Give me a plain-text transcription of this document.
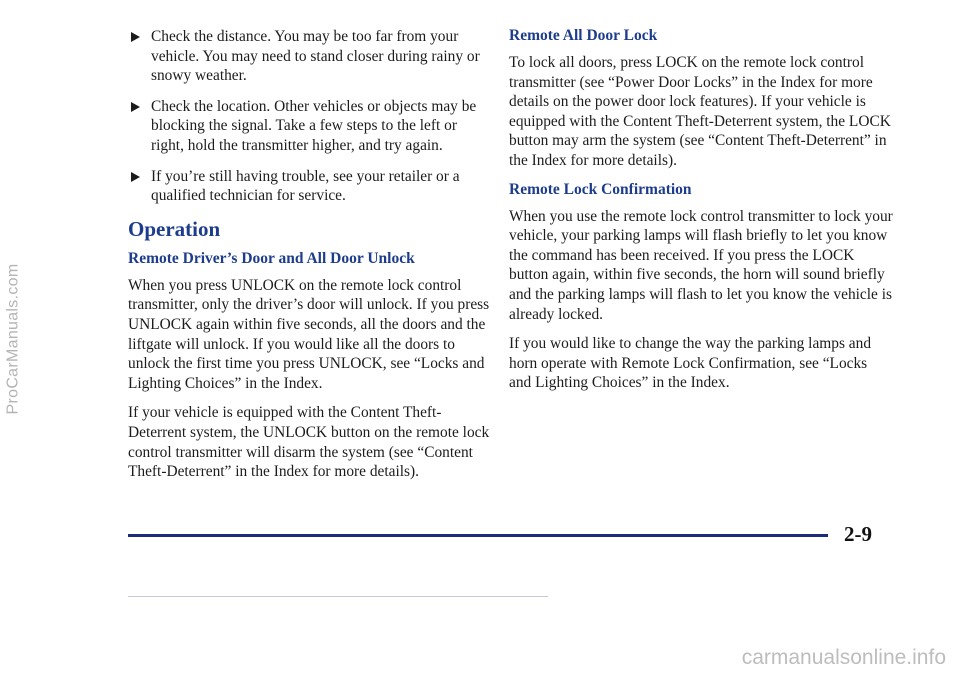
ProCarManuals.com

Check the distance. You may be too far from your vehicle. You may need to stand closer during rainy or snowy weather.

Check the location. Other vehicles or objects may be blocking the signal. Take a few steps to the left or right, hold the transmitter higher, and try again.

If you’re still having trouble, see your retailer or a qualified technician for service.

Operation
Remote Driver’s Door and All Door Unlock

When you press UNLOCK on the remote lock control transmitter, only the driver’s door will unlock. If you press UNLOCK again within five seconds, all the doors and the liftgate will unlock. If you would like all the doors to unlock the first time you press UNLOCK, see “Locks and Lighting Choices” in the Index.

If your vehicle is equipped with the Content Theft-Deterrent system, the UNLOCK button on the remote lock control transmitter will disarm the system (see “Content Theft-Deterrent” in the Index for more details).

Remote All Door Lock

To lock all doors, press LOCK on the remote lock control transmitter (see “Power Door Locks” in the Index for more details on the power door lock features). If your vehicle is equipped with the Content Theft-Deterrent system, the LOCK button may arm the system (see “Content Theft-Deterrent” in the Index for more details).

Remote Lock Confirmation

When you use the remote lock control transmitter to lock your vehicle, your parking lamps will flash briefly to let you know the command has been received. If you press the LOCK button again, within five seconds, the horn will sound briefly and the parking lamps will flash to let you know the vehicle is already locked.

If you would like to change the way the parking lamps and horn operate with Remote Lock Confirmation, see “Locks and Lighting Choices” in the Index.

2-9
carmanualsonline.info
